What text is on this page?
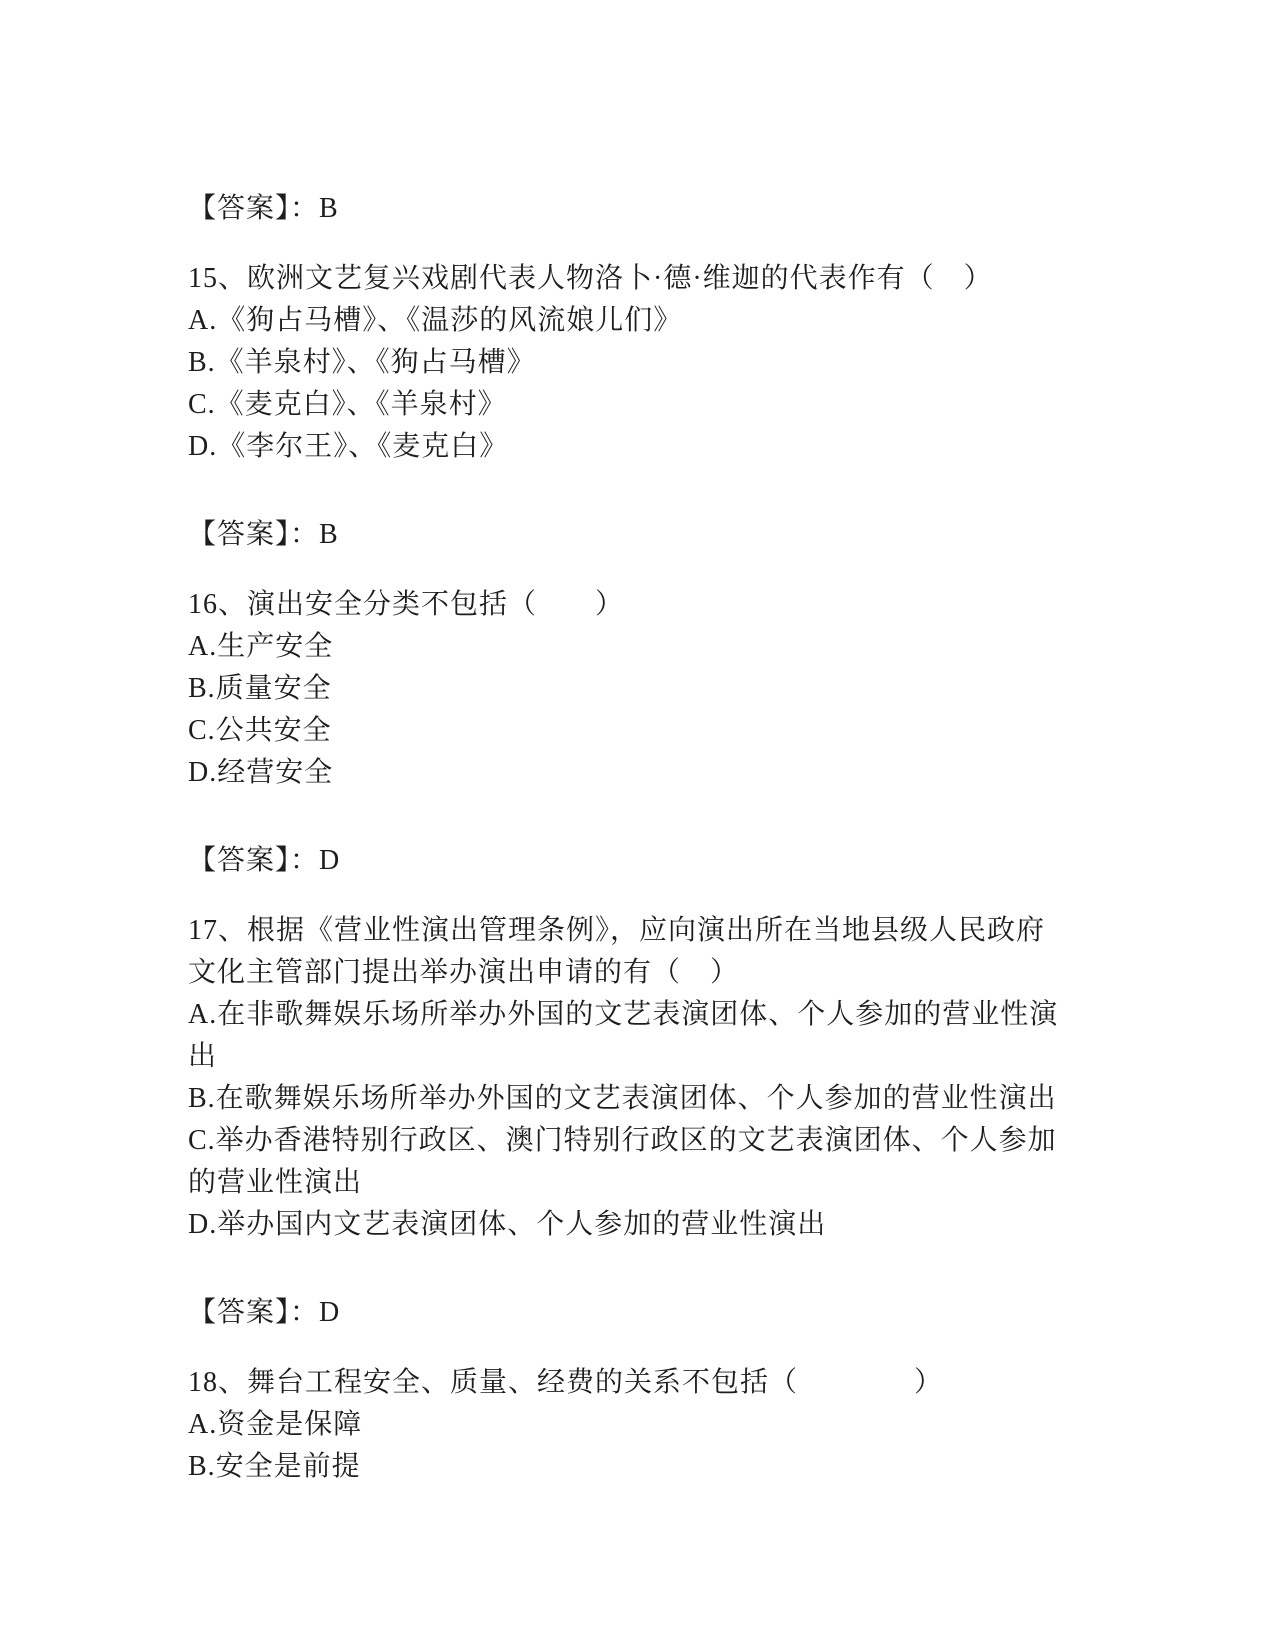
【答案】：B
15、欧洲文艺复兴戏剧代表人物洛卜·德·维迦的代表作有（　）
A.《狗占马槽》、《温莎的风流娘儿们》
B.《羊泉村》、《狗占马槽》
C.《麦克白》、《羊泉村》
D.《李尔王》、《麦克白》
【答案】：B
16、演出安全分类不包括（　　）
A.生产安全
B.质量安全
C.公共安全
D.经营安全
【答案】：D
17、根据《营业性演出管理条例》，应向演出所在当地县级人民政府
文化主管部门提出举办演出申请的有（　）
A.在非歌舞娱乐场所举办外国的文艺表演团体、个人参加的营业性演
出
B.在歌舞娱乐场所举办外国的文艺表演团体、个人参加的营业性演出
C.举办香港特别行政区、澳门特别行政区的文艺表演团体、个人参加
的营业性演出
D.举办国内文艺表演团体、个人参加的营业性演出
【答案】：D
18、舞台工程安全、质量、经费的关系不包括（　　　　）
A.资金是保障
B.安全是前提
